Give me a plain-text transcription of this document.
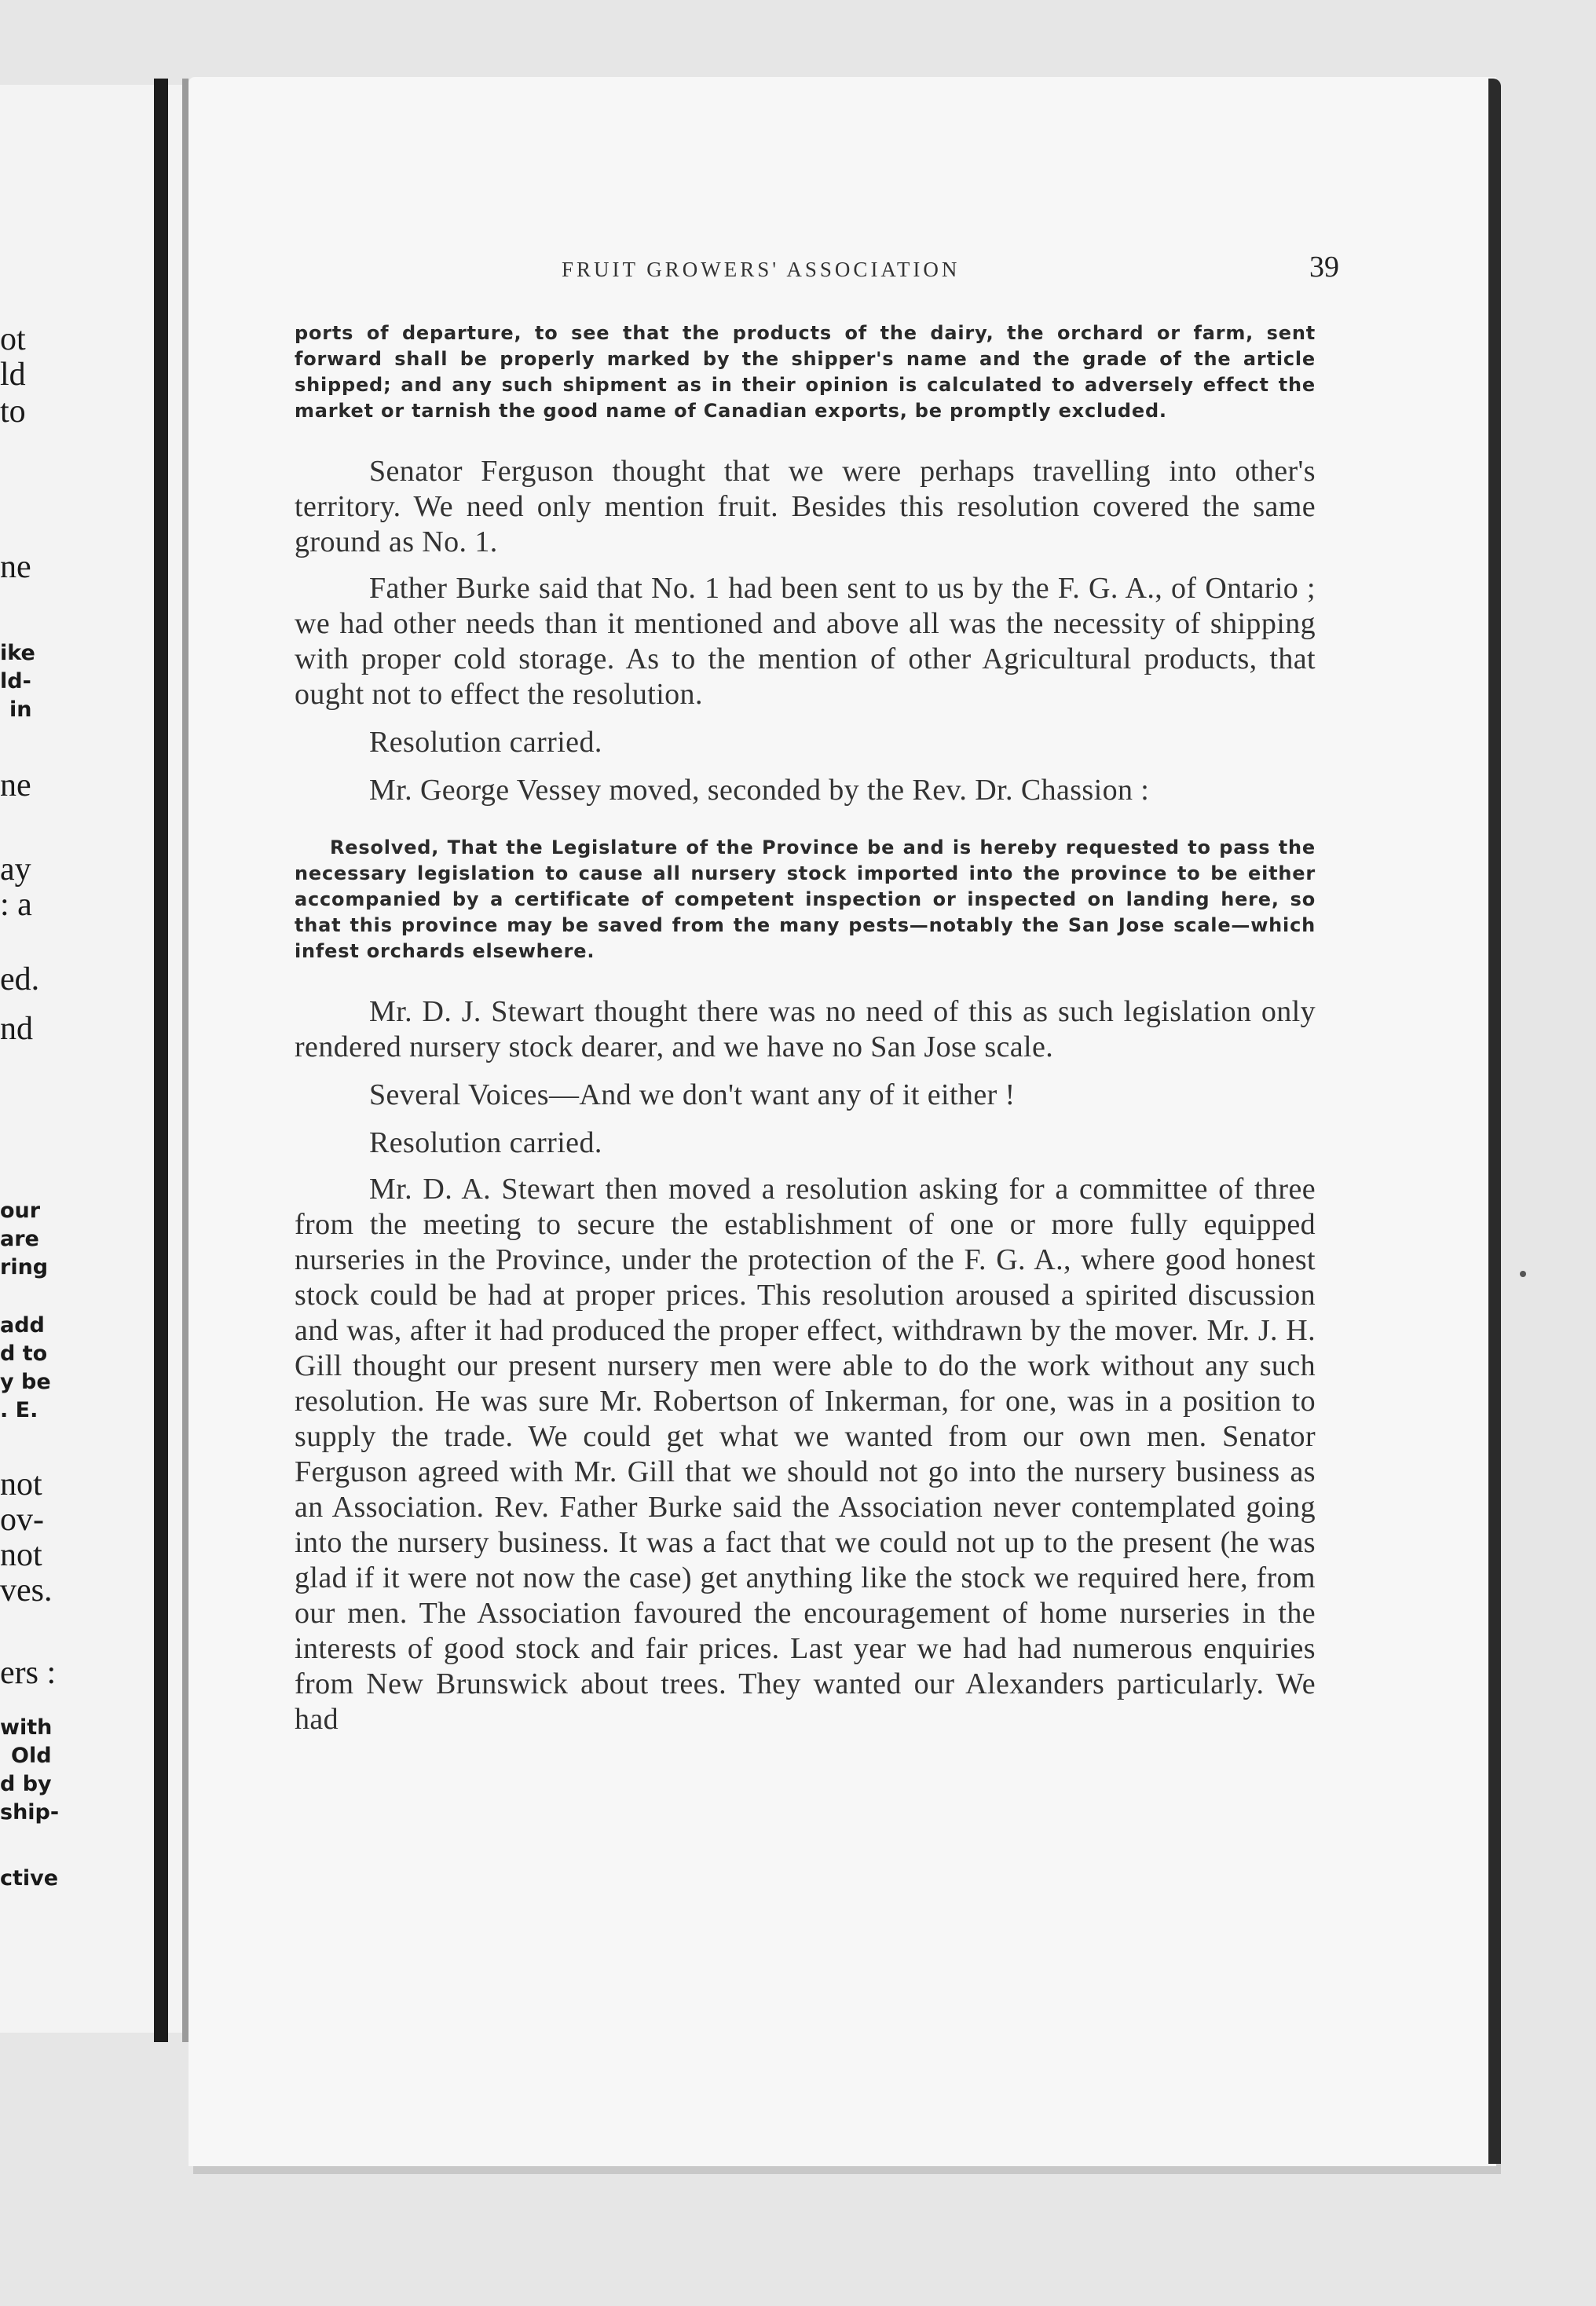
ot
ld
to
ne
ike
ld-
in
ne
ay
: a
ed.
nd
our
are
ring
add
d to
y be
. E.
not
ov-
not
ves.
ers :
with
Old
d by
ship-
ctive
FRUIT GROWERS' ASSOCIATION	39

ports of departure, to see that the products of the dairy, the orchard or farm, sent forward shall be properly marked by the shipper's name and the grade of the article shipped; and any such shipment as in their opinion is calculated to adversely effect the market or tarnish the good name of Canadian exports, be promptly excluded.

Senator Ferguson thought that we were perhaps travelling into other's territory. We need only mention fruit. Besides this resolution covered the same ground as No. 1.

Father Burke said that No. 1 had been sent to us by the F. G. A., of Ontario ; we had other needs than it mentioned and above all was the necessity of shipping with proper cold storage. As to the mention of other Agricultural products, that ought not to effect the resolution.

Resolution carried.

Mr. George Vessey moved, seconded by the Rev. Dr. Chassion :

Resolved, That the Legislature of the Province be and is hereby requested to pass the necessary legislation to cause all nursery stock imported into the province to be either accompanied by a certificate of competent inspection or inspected on landing here, so that this province may be saved from the many pests—notably the San Jose scale—which infest orchards elsewhere.

Mr. D. J. Stewart thought there was no need of this as such legislation only rendered nursery stock dearer, and we have no San Jose scale.

Several Voices—And we don't want any of it either !

Resolution carried.

Mr. D. A. Stewart then moved a resolution asking for a committee of three from the meeting to secure the establishment of one or more fully equipped nurseries in the Province, under the protection of the F. G. A., where good honest stock could be had at proper prices. This resolution aroused a spirited discussion and was, after it had produced the proper effect, withdrawn by the mover. Mr. J. H. Gill thought our present nursery men were able to do the work without any such resolution. He was sure Mr. Robertson of Inkerman, for one, was in a position to supply the trade. We could get what we wanted from our own men. Senator Ferguson agreed with Mr. Gill that we should not go into the nursery business as an Association. Rev. Father Burke said the Association never contemplated going into the nursery business. It was a fact that we could not up to the present (he was glad if it were not now the case) get anything like the stock we required here, from our men. The Association favoured the encouragement of home nurseries in the interests of good stock and fair prices. Last year we had had numerous enquiries from New Brunswick about trees. They wanted our Alexanders particularly. We had
